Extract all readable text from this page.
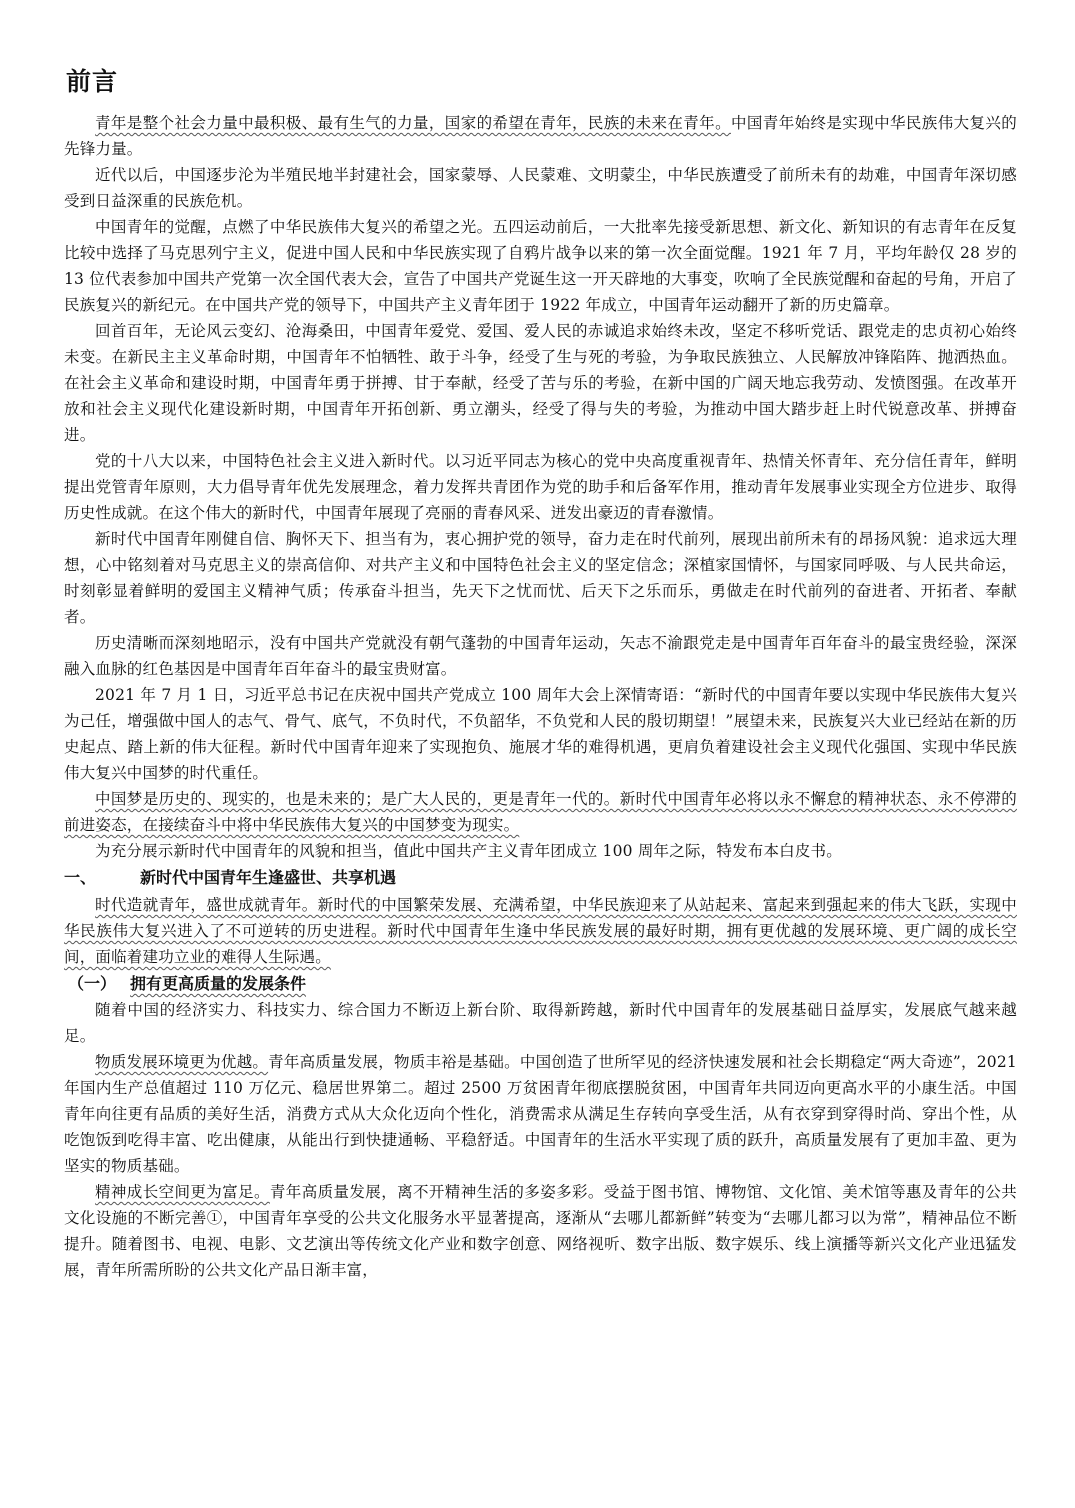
前言

青年是整个社会力量中最积极、最有生气的力量，国家的希望在青年，民族的未来在青年。中国青年始终是实现中华民族伟大复兴的先锋力量。

近代以后，中国逐步沦为半殖民地半封建社会，国家蒙辱、人民蒙难、文明蒙尘，中华民族遭受了前所未有的劫难，中国青年深切感受到日益深重的民族危机。

中国青年的觉醒，点燃了中华民族伟大复兴的希望之光。五四运动前后，一大批率先接受新思想、新文化、新知识的有志青年在反复比较中选择了马克思列宁主义，促进中国人民和中华民族实现了自鸦片战争以来的第一次全面觉醒。1921 年 7 月，平均年龄仅 28 岁的 13 位代表参加中国共产党第一次全国代表大会，宣告了中国共产党诞生这一开天辟地的大事变，吹响了全民族觉醒和奋起的号角，开启了民族复兴的新纪元。在中国共产党的领导下，中国共产主义青年团于 1922 年成立，中国青年运动翻开了新的历史篇章。

回首百年，无论风云变幻、沧海桑田，中国青年爱党、爱国、爱人民的赤诚追求始终未改，坚定不移听党话、跟党走的忠贞初心始终未变。在新民主主义革命时期，中国青年不怕牺牲、敢于斗争，经受了生与死的考验，为争取民族独立、人民解放冲锋陷阵、抛洒热血。在社会主义革命和建设时期，中国青年勇于拼搏、甘于奉献，经受了苦与乐的考验，在新中国的广阔天地忘我劳动、发愤图强。在改革开放和社会主义现代化建设新时期，中国青年开拓创新、勇立潮头，经受了得与失的考验，为推动中国大踏步赶上时代锐意改革、拼搏奋进。

党的十八大以来，中国特色社会主义进入新时代。以习近平同志为核心的党中央高度重视青年、热情关怀青年、充分信任青年，鲜明提出党管青年原则，大力倡导青年优先发展理念，着力发挥共青团作为党的助手和后备军作用，推动青年发展事业实现全方位进步、取得历史性成就。在这个伟大的新时代，中国青年展现了亮丽的青春风采、迸发出豪迈的青春激情。

新时代中国青年刚健自信、胸怀天下、担当有为，衷心拥护党的领导，奋力走在时代前列，展现出前所未有的昂扬风貌：追求远大理想，心中铭刻着对马克思主义的崇高信仰、对共产主义和中国特色社会主义的坚定信念；深植家国情怀，与国家同呼吸、与人民共命运，时刻彰显着鲜明的爱国主义精神气质；传承奋斗担当，先天下之忧而忧、后天下之乐而乐，勇做走在时代前列的奋进者、开拓者、奉献者。

历史清晰而深刻地昭示，没有中国共产党就没有朝气蓬勃的中国青年运动，矢志不渝跟党走是中国青年百年奋斗的最宝贵经验，深深融入血脉的红色基因是中国青年百年奋斗的最宝贵财富。

2021 年 7 月 1 日，习近平总书记在庆祝中国共产党成立 100 周年大会上深情寄语：“新时代的中国青年要以实现中华民族伟大复兴为己任，增强做中国人的志气、骨气、底气，不负时代，不负韶华，不负党和人民的殷切期望！”展望未来，民族复兴大业已经站在新的历史起点、踏上新的伟大征程。新时代中国青年迎来了实现抱负、施展才华的难得机遇，更肩负着建设社会主义现代化强国、实现中华民族伟大复兴中国梦的时代重任。

中国梦是历史的、现实的，也是未来的；是广大人民的，更是青年一代的。新时代中国青年必将以永不懈怠的精神状态、永不停滞的前进姿态，在接续奋斗中将中华民族伟大复兴的中国梦变为现实。

为充分展示新时代中国青年的风貌和担当，值此中国共产主义青年团成立 100 周年之际，特发布本白皮书。

一、	新时代中国青年生逢盛世、共享机遇

时代造就青年，盛世成就青年。新时代的中国繁荣发展、充满希望，中华民族迎来了从站起来、富起来到强起来的伟大飞跃，实现中华民族伟大复兴进入了不可逆转的历史进程。新时代中国青年生逢中华民族发展的最好时期，拥有更优越的发展环境、更广阔的成长空间，面临着建功立业的难得人生际遇。

（一） 拥有更高质量的发展条件

随着中国的经济实力、科技实力、综合国力不断迈上新台阶、取得新跨越，新时代中国青年的发展基础日益厚实，发展底气越来越足。

物质发展环境更为优越。青年高质量发展，物质丰裕是基础。中国创造了世所罕见的经济快速发展和社会长期稳定“两大奇迹”，2021 年国内生产总值超过 110 万亿元、稳居世界第二。超过 2500 万贫困青年彻底摆脱贫困，中国青年共同迈向更高水平的小康生活。中国青年向往更有品质的美好生活，消费方式从大众化迈向个性化，消费需求从满足生存转向享受生活，从有衣穿到穿得时尚、穿出个性，从吃饱饭到吃得丰富、吃出健康，从能出行到快捷通畅、平稳舒适。中国青年的生活水平实现了质的跃升，高质量发展有了更加丰盈、更为坚实的物质基础。

精神成长空间更为富足。青年高质量发展，离不开精神生活的多姿多彩。受益于图书馆、博物馆、文化馆、美术馆等惠及青年的公共文化设施的不断完善①，中国青年享受的公共文化服务水平显著提高，逐渐从“去哪儿都新鲜”转变为“去哪儿都习以为常”，精神品位不断提升。随着图书、电视、电影、文艺演出等传统文化产业和数字创意、网络视听、数字出版、数字娱乐、线上演播等新兴文化产业迅猛发展，青年所需所盼的公共文化产品日渐丰富，
